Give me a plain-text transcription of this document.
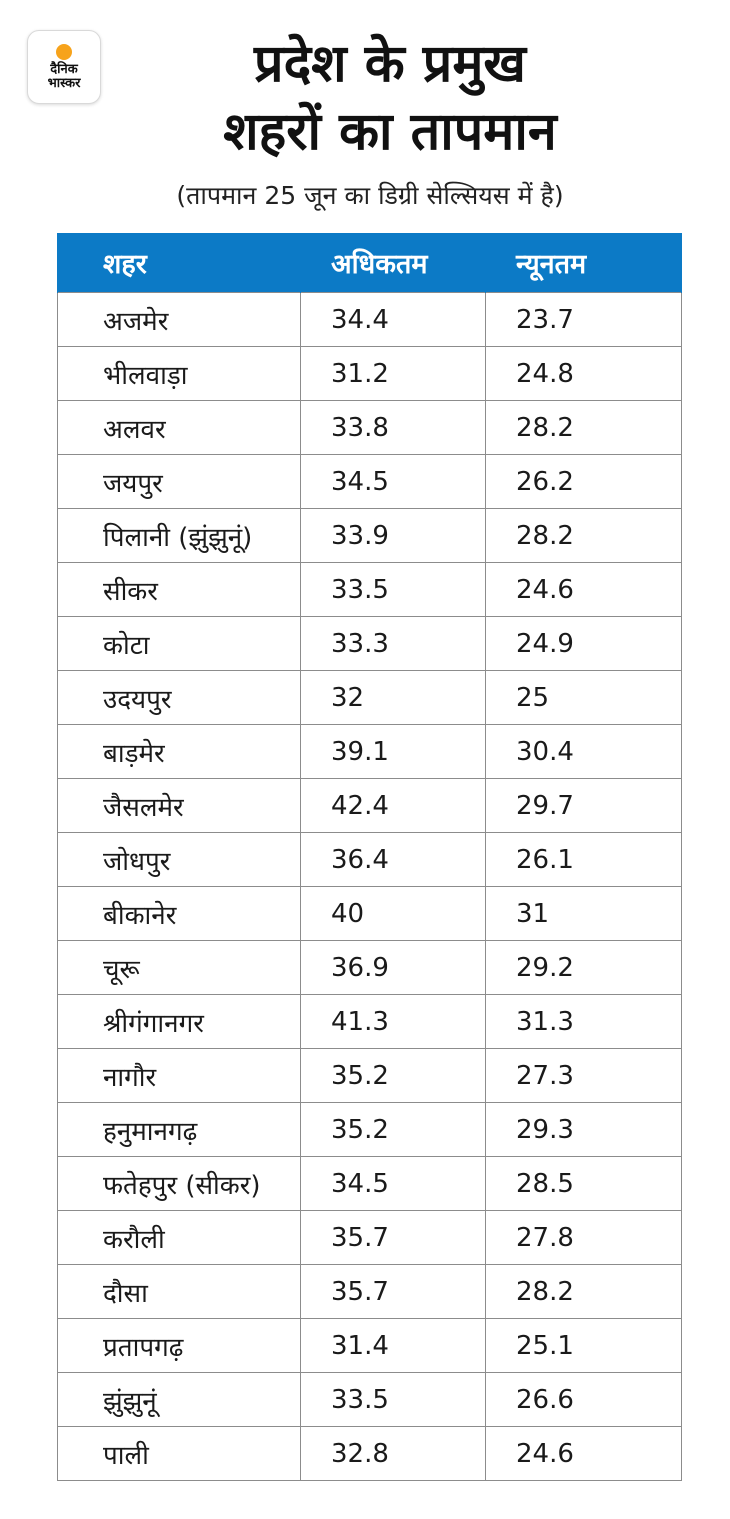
दैनिक
भास्कर	प्रदेश के प्रमुख
शहरों का तापमान
(तापमान 25 जून का डिग्री सेल्सियस में है)
शहर	अधिकतम	न्यूनतम
अजमेर	34.4	23.7
भीलवाड़ा	31.2	24.8
अलवर	33.8	28.2
जयपुर	34.5	26.2
पिलानी (झुंझुनूं)	33.9	28.2
सीकर	33.5	24.6
कोटा	33.3	24.9
उदयपुर	32	25
बाड़मेर	39.1	30.4
जैसलमेर	42.4	29.7
जोधपुर	36.4	26.1
बीकानेर	40	31
चूरू	36.9	29.2
श्रीगंगानगर	41.3	31.3
नागौर	35.2	27.3
हनुमानगढ़	35.2	29.3
फतेहपुर (सीकर)	34.5	28.5
करौली	35.7	27.8
दौसा	35.7	28.2
प्रतापगढ़	31.4	25.1
झुंझुनूं	33.5	26.6
पाली	32.8	24.6
